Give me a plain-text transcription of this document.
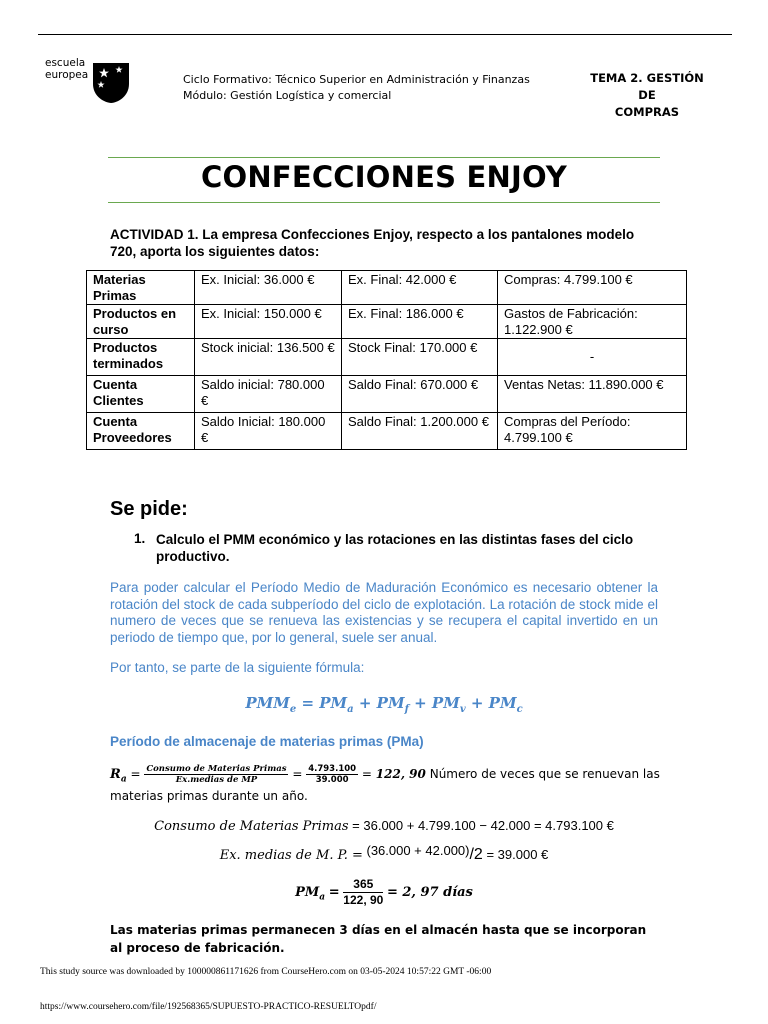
escuela
europea	Ciclo Formativo: Técnico Superior en Administración y Finanzas
Módulo: Gestión Logística y comercial
TEMA 2. GESTIÓN DE
COMPRAS
CONFECCIONES ENJOY
ACTIVIDAD 1. La empresa Confecciones Enjoy, respecto a los pantalones modelo 720, aporta los siguientes datos:
Materias Primas	Ex. Inicial: 36.000 €	Ex. Final: 42.000 €	Compras: 4.799.100 €
Productos en curso	Ex. Inicial: 150.000 €	Ex. Final: 186.000 €	Gastos de Fabricación: 1.122.900 €
Productos terminados	Stock inicial: 136.500 €	Stock Final: 170.000 €	-
Cuenta Clientes	Saldo inicial: 780.000 €	Saldo Final: 670.000 €	Ventas Netas: 11.890.000 €
Cuenta Proveedores	Saldo Inicial: 180.000 €	Saldo Final: 1.200.000 €	Compras del Período: 4.799.100 €
Se pide:
1. Calculo el PMM económico y las rotaciones en las distintas fases del ciclo productivo.
Para poder calcular el Período Medio de Maduración Económico es necesario obtener la rotación del stock de cada subperíodo del ciclo de explotación. La rotación de stock mide el numero de veces que se renueva las existencias y se recupera el capital invertido en un periodo de tiempo que, por lo general, suele ser anual.
Por tanto, se parte de la siguiente fórmula:
$PMM_e = PM_a + PM_f + PM_v + PM_c$
Período de almacenaje de materias primas (PMa)
$R_a = \frac{\text{Consumo de Materias Primas}}{\text{Ex.medias de MP}} = \frac{4.793.100}{39.000} = 122$, 90 Número de veces que se renuevan las materias primas durante un año.
Consumo de Materias Primas = 36.000 + 4.799.100 − 42.000 = 4.793.100 €
Ex. medias de M. P. = (36.000 + 42.000)/2 = 39.000 €
$PM_a = \frac{365}{122, 90} = 2$, 97 días
Las materias primas permanecen 3 días en el almacén hasta que se incorporan al proceso de fabricación.
This study source was downloaded by 100000861171626 from CourseHero.com on 03-05-2024 10:57:22 GMT -06:00
https://www.coursehero.com/file/192568365/SUPUESTO-PRACTICO-RESUELTOpdf/
